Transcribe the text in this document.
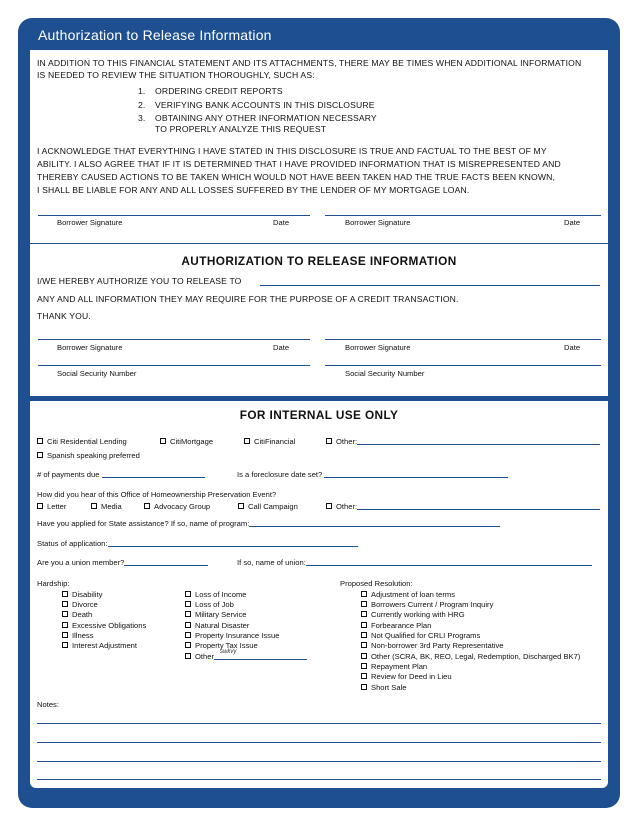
Authorization to Release Information
IN ADDITION TO THIS FINANCIAL STATEMENT AND ITS ATTACHMENTS, THERE MAY BE TIMES WHEN ADDITIONAL INFORMATION
IS NEEDED TO REVIEW THE SITUATION THOROUGHLY, SUCH AS:
1. ORDERING CREDIT REPORTS
2. VERIFYING BANK ACCOUNTS IN THIS DISCLOSURE
3. OBTAINING ANY OTHER INFORMATION NECESSARY
TO PROPERLY ANALYZE THIS REQUEST
I ACKNOWLEDGE THAT EVERYTHING I HAVE STATED IN THIS DISCLOSURE IS TRUE AND FACTUAL TO THE BEST OF MY
ABILITY. I ALSO AGREE THAT IF IT IS DETERMINED THAT I HAVE PROVIDED INFORMATION THAT IS MISREPRESENTED AND
THEREBY CAUSED ACTIONS TO BE TAKEN WHICH WOULD NOT HAVE BEEN TAKEN HAD THE TRUE FACTS BEEN KNOWN,
I SHALL BE LIABLE FOR ANY AND ALL LOSSES SUFFERED BY THE LENDER OF MY MORTGAGE LOAN.
Borrower Signature	Date	Borrower Signature	Date
AUTHORIZATION TO RELEASE INFORMATION
I/WE HEREBY AUTHORIZE YOU TO RELEASE TO
ANY AND ALL INFORMATION THEY MAY REQUIRE FOR THE PURPOSE OF A CREDIT TRANSACTION.
THANK YOU.
Borrower Signature	Date	Borrower Signature	Date
Social Security Number	Social Security Number
FOR INTERNAL USE ONLY
Citi Residential Lending	CitiMortgage	CitiFinancial	Other:
Spanish speaking preferred
# of payments due	Is a foreclosure date set?
How did you hear of this Office of Homeownership Preservation Event?
Letter	Media	Advocacy Group	Call Campaign	Other:
Have you applied for State assistance? If so, name of program:
Status of application:
Are you a union member?	If so, name of union:
Hardship:	Proposed Resolution:
Disability
Divorce
Death
Excessive Obligations
Illness
Interest Adjustment
Loss of Income
Loss of Job
Military Service
Natural Disaster
Property Insurance Issue
Property Tax Issue
Other	swkvy
Adjustment of loan terms
Borrowers Current / Program Inquiry
Currently working with HRG
Forbearance Plan
Not Qualified for CRLI Programs
Non-borrower 3rd Party Representative
Other (SCRA, BK, REO, Legal, Redemption, Discharged BK7)
Repayment Plan
Review for Deed in Lieu
Short Sale
Notes:
